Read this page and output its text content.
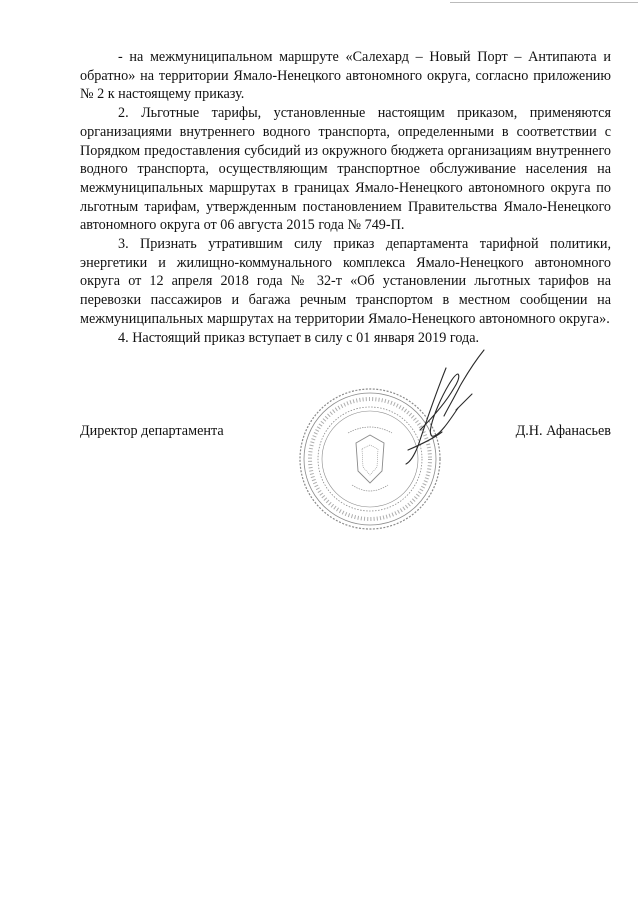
- на межмуниципальном маршруте «Салехард – Новый Порт – Антипаюта и обратно» на территории Ямало-Ненецкого автономного округа, согласно приложению № 2 к настоящему приказу.

2. Льготные тарифы, установленные настоящим приказом, применяются организациями внутреннего водного транспорта, определенными в соответствии с Порядком предоставления субсидий из окружного бюджета организациям внутреннего водного транспорта, осуществляющим транспортное обслуживание населения на межмуниципальных маршрутах в границах Ямало-Ненецкого автономного округа по льготным тарифам, утвержденным постановлением Правительства Ямало-Ненецкого автономного округа от 06 августа 2015 года № 749-П.

3. Признать утратившим силу приказ департамента тарифной политики, энергетики и жилищно-коммунального комплекса Ямало-Ненецкого автономного округа от 12 апреля 2018 года № 32-т «Об установлении льготных тарифов на перевозки пассажиров и багажа речным транспортом в местном сообщении на межмуниципальных маршрутах на территории Ямало-Ненецкого автономного округа».

4. Настоящий приказ вступает в силу с 01 января 2019 года.

Директор департамента	Д.Н. Афанасьев
